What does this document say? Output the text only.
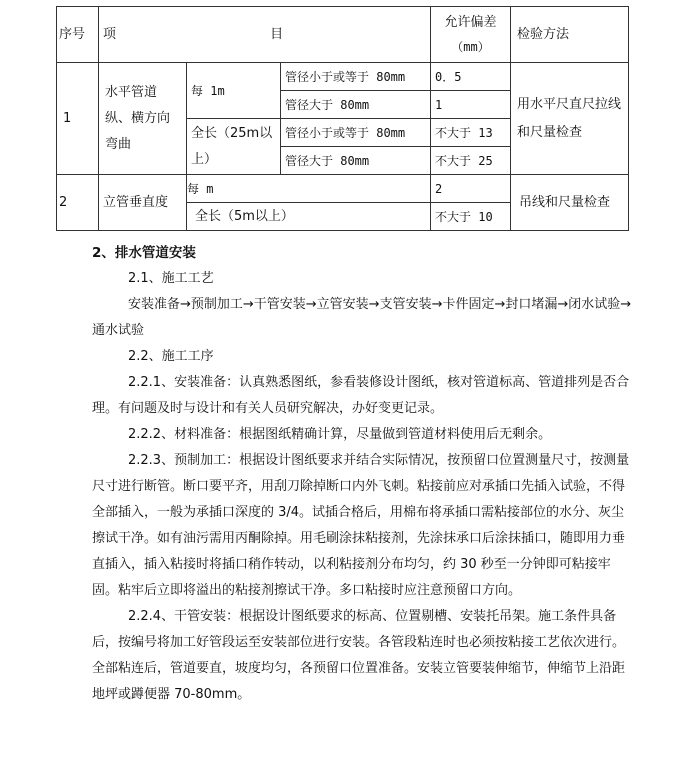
序号	项 目			允许偏差
（mm）	检验方法
1	水平管道纵、横方向弯曲	每 1m	管径小于或等于 80mm	0．5	用水平尺直尺拉线和尺量检查
			管径大于 80mm	1	
		全长（25m以上）	管径小于或等于 80mm	不大于 13	
			管径大于 80mm	不大于 25	
2	立管垂直度	每 m		2	吊线和尺量检查
		全长（5m以上）		不大于 10	

2、排水管道安装

2.1、施工工艺

安装准备→预制加工→干管安装→立管安装→支管安装→卡件固定→封口堵漏→闭水试验→通水试验

2.2、施工工序

2.2.1、安装准备：认真熟悉图纸，参看装修设计图纸，核对管道标高、管道排列是否合理。有问题及时与设计和有关人员研究解决，办好变更记录。

2.2.2、材料准备：根据图纸精确计算，尽量做到管道材料使用后无剩余。

2.2.3、预制加工：根据设计图纸要求并结合实际情况，按预留口位置测量尺寸，按测量尺寸进行断管。断口要平齐，用刮刀除掉断口内外飞刺。粘接前应对承插口先插入试验，不得全部插入，一般为承插口深度的 3/4。试插合格后，用棉布将承插口需粘接部位的水分、灰尘擦试干净。如有油污需用丙酮除掉。用毛刷涂抹粘接剂，先涂抹承口后涂抹插口，随即用力垂直插入，插入粘接时将插口稍作转动，以利粘接剂分布均匀，约 30 秒至一分钟即可粘接牢固。粘牢后立即将溢出的粘接剂擦试干净。多口粘接时应注意预留口方向。

2.2.4、干管安装：根据设计图纸要求的标高、位置剔槽、安装托吊架。施工条件具备后，按编号将加工好管段运至安装部位进行安装。各管段粘连时也必须按粘接工艺依次进行。全部粘连后，管道要直，坡度均匀，各预留口位置准备。安装立管要装伸缩节，伸缩节上沿距地坪或蹲便器 70-80mm。
